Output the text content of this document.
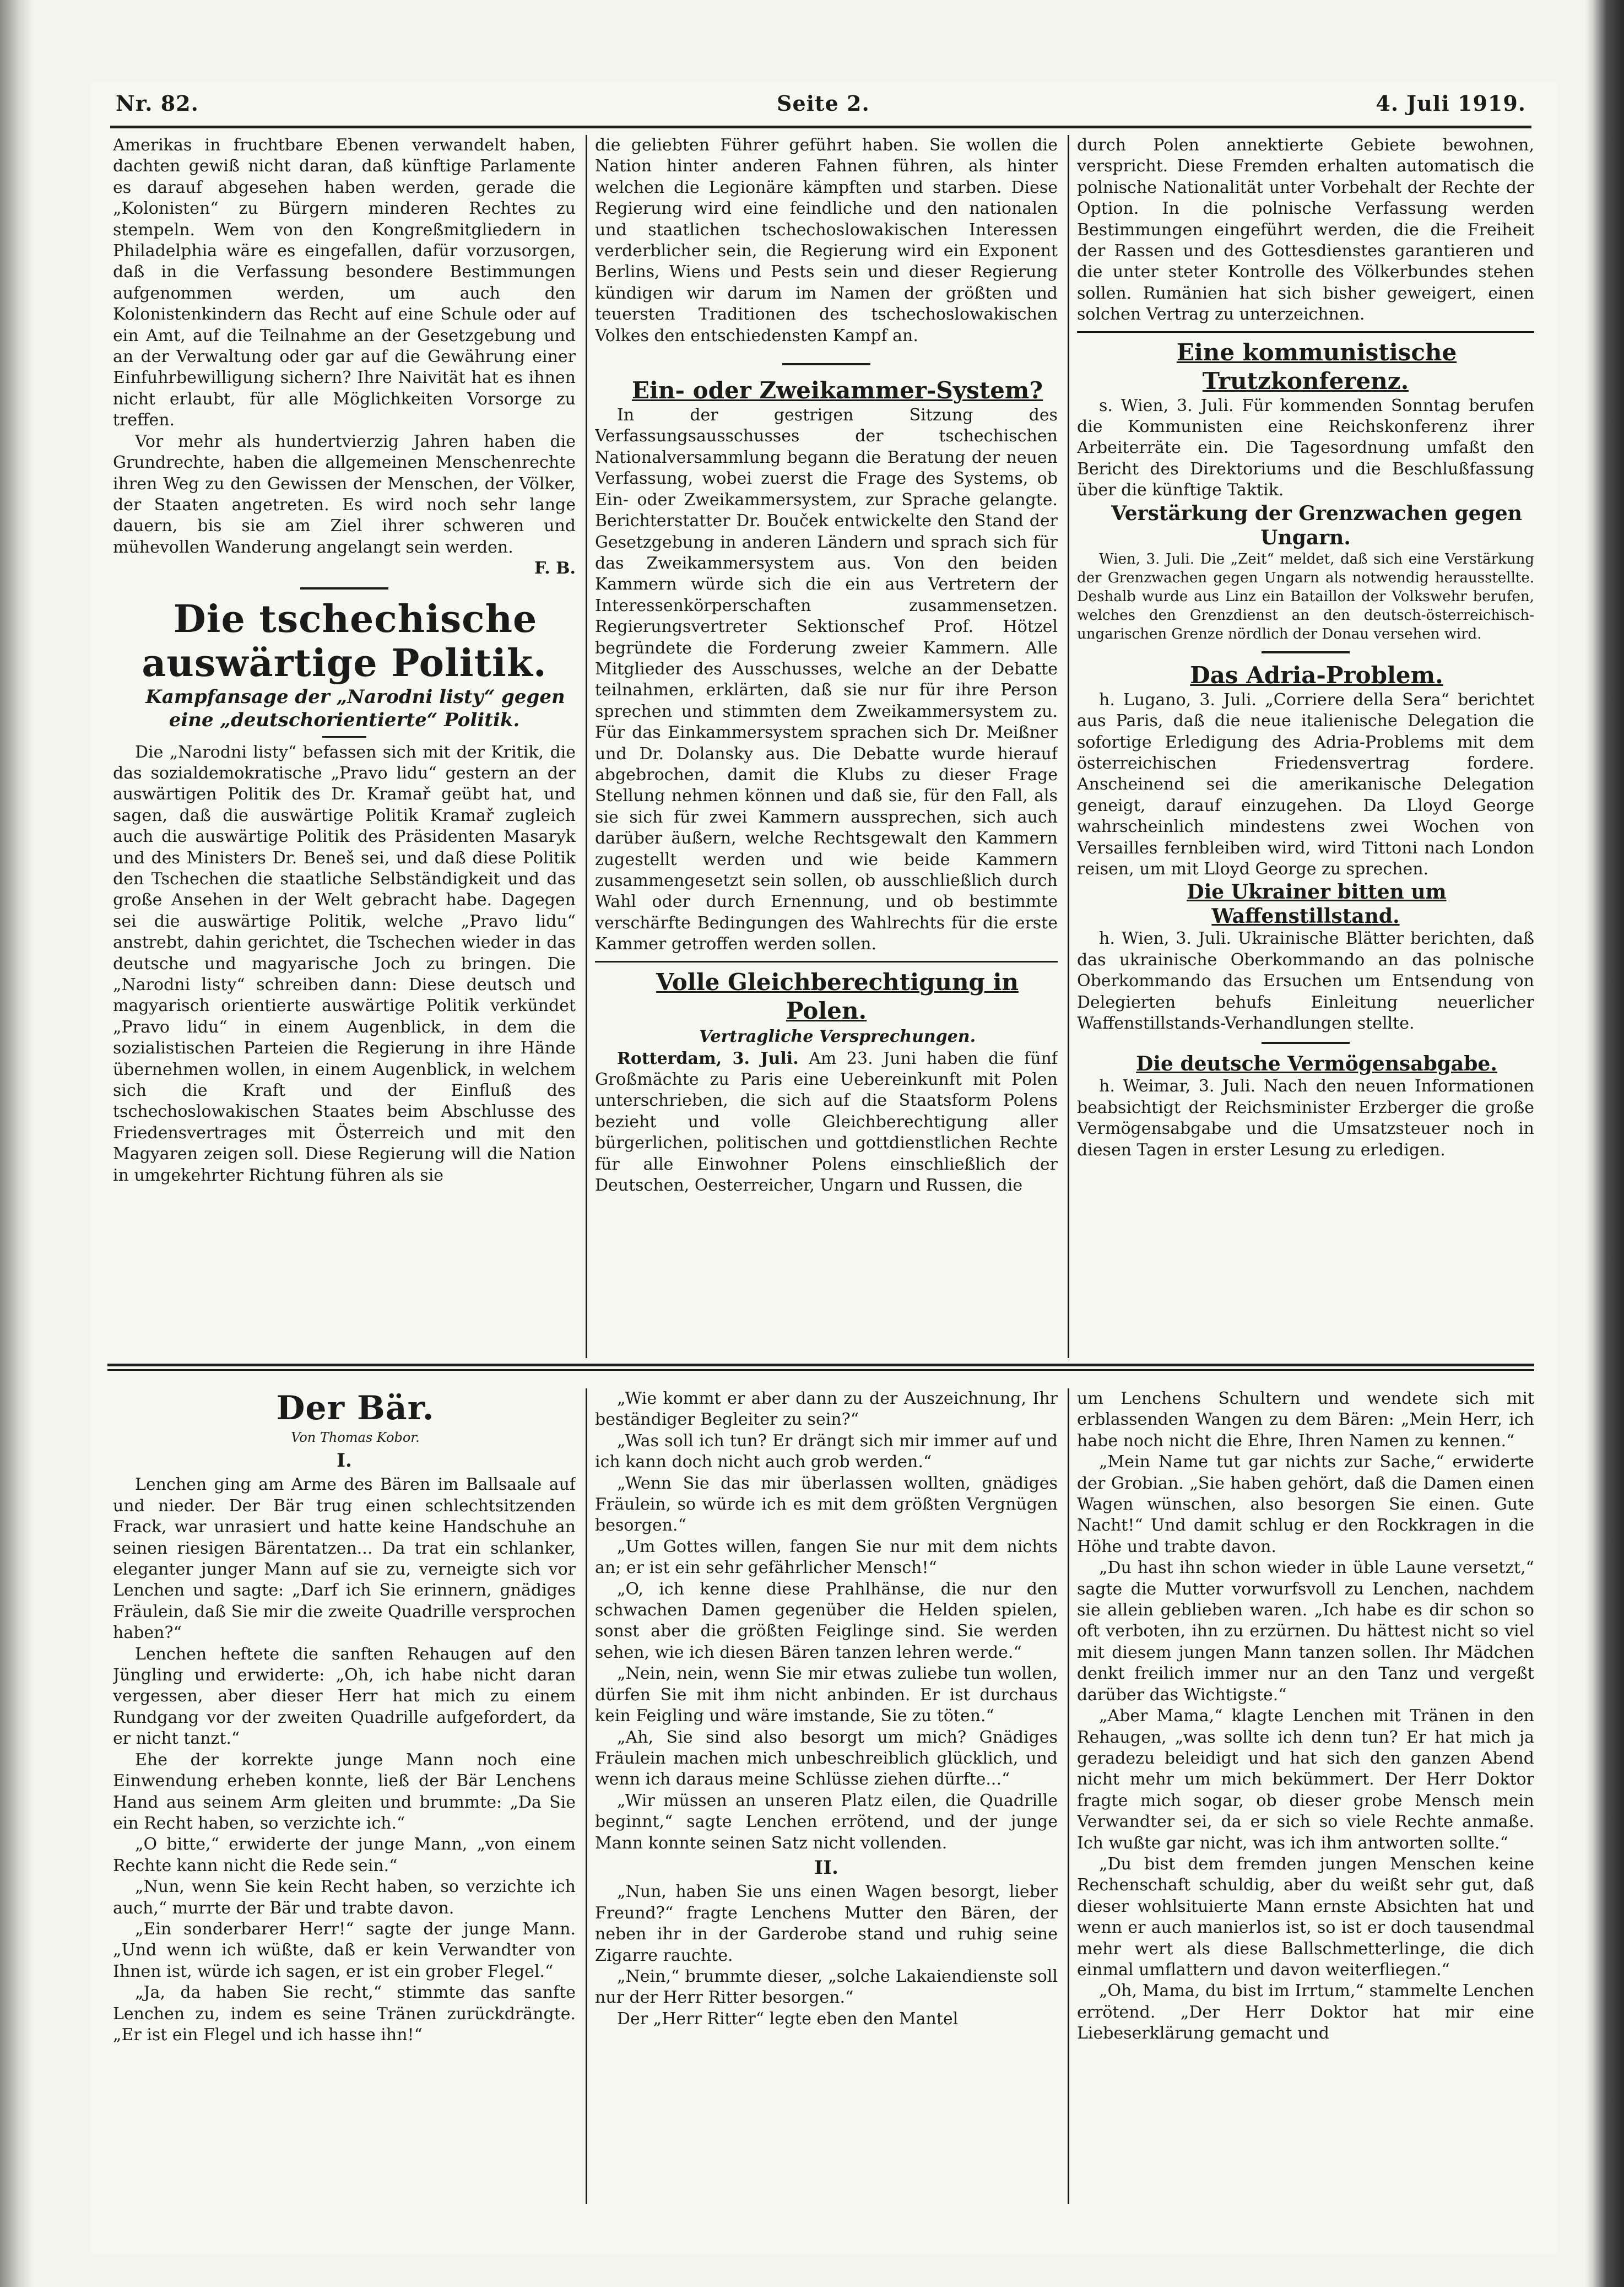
Nr. 82.	Seite 2.	4. Juli 1919.

Amerikas in fruchtbare Ebenen verwandelt haben, dachten gewiß nicht daran, daß künftige Parlamente es darauf abgesehen haben werden, gerade die „Kolonisten“ zu Bürgern minderen Rechtes zu stempeln. Wem von den Kongreßmitgliedern in Philadelphia wäre es eingefallen, dafür vorzusorgen, daß in die Verfassung besondere Bestimmungen aufgenommen werden, um auch den Kolonistenkindern das Recht auf eine Schule oder auf ein Amt, auf die Teilnahme an der Gesetzgebung und an der Verwaltung oder gar auf die Gewährung einer Einfuhrbewilligung sichern? Ihre Naivität hat es ihnen nicht erlaubt, für alle Möglichkeiten Vorsorge zu treffen.

Vor mehr als hundertvierzig Jahren haben die Grundrechte, haben die allgemeinen Menschenrechte ihren Weg zu den Gewissen der Menschen, der Völker, der Staaten angetreten. Es wird noch sehr lange dauern, bis sie am Ziel ihrer schweren und mühevollen Wanderung angelangt sein werden.

F. B.

Die tschechische auswärtige Politik.

Kampfansage der „Narodni listy“ gegen eine „deutschorientierte“ Politik.

Die „Narodni listy“ befassen sich mit der Kritik, die das sozialdemokratische „Pravo lidu“ gestern an der auswärtigen Politik des Dr. Kramař geübt hat, und sagen, daß die auswärtige Politik Kramař zugleich auch die auswärtige Politik des Präsidenten Masaryk und des Ministers Dr. Beneš sei, und daß diese Politik den Tschechen die staatliche Selbständigkeit und das große Ansehen in der Welt gebracht habe. Dagegen sei die auswärtige Politik, welche „Pravo lidu“ anstrebt, dahin gerichtet, die Tschechen wieder in das deutsche und magyarische Joch zu bringen. Die „Narodni listy“ schreiben dann: Diese deutsch und magyarisch orientierte auswärtige Politik verkündet „Pravo lidu“ in einem Augenblick, in dem die sozialistischen Parteien die Regierung in ihre Hände übernehmen wollen, in einem Augenblick, in welchem sich die Kraft und der Einfluß des tschechoslowakischen Staates beim Abschlusse des Friedensvertrages mit Österreich und mit den Magyaren zeigen soll. Diese Regierung will die Nation in umgekehrter Richtung führen als sie

die geliebten Führer geführt haben. Sie wollen die Nation hinter anderen Fahnen führen, als hinter welchen die Legionäre kämpften und starben. Diese Regierung wird eine feindliche und den nationalen und staatlichen tschechoslowakischen Interessen verderblicher sein, die Regierung wird ein Exponent Berlins, Wiens und Pests sein und dieser Regierung kündigen wir darum im Namen der größten und teuersten Traditionen des tschechoslowakischen Volkes den entschiedensten Kampf an.

Ein- oder Zweikammer-System?

In der gestrigen Sitzung des Verfassungsausschusses der tschechischen Nationalversammlung begann die Beratung der neuen Verfassung, wobei zuerst die Frage des Systems, ob Ein- oder Zweikammersystem, zur Sprache gelangte. Berichterstatter Dr. Bouček entwickelte den Stand der Gesetzgebung in anderen Ländern und sprach sich für das Zweikammersystem aus. Von den beiden Kammern würde sich die ein aus Vertretern der Interessenkörperschaften zusammensetzen. Regierungsvertreter Sektionschef Prof. Hötzel begründete die Forderung zweier Kammern. Alle Mitglieder des Ausschusses, welche an der Debatte teilnahmen, erklärten, daß sie nur für ihre Person sprechen und stimmten dem Zweikammersystem zu. Für das Einkammersystem sprachen sich Dr. Meißner und Dr. Dolansky aus. Die Debatte wurde hierauf abgebrochen, damit die Klubs zu dieser Frage Stellung nehmen können und daß sie, für den Fall, als sie sich für zwei Kammern aussprechen, sich auch darüber äußern, welche Rechtsgewalt den Kammern zugestellt werden und wie beide Kammern zusammengesetzt sein sollen, ob ausschließlich durch Wahl oder durch Ernennung, und ob bestimmte verschärfte Bedingungen des Wahlrechts für die erste Kammer getroffen werden sollen.

Volle Gleichberechtigung in Polen.

Vertragliche Versprechungen.

Rotterdam, 3. Juli. Am 23. Juni haben die fünf Großmächte zu Paris eine Uebereinkunft mit Polen unterschrieben, die sich auf die Staatsform Polens bezieht und volle Gleichberechtigung aller bürgerlichen, politischen und gottdienstlichen Rechte für alle Einwohner Polens einschließlich der Deutschen, Oesterreicher, Ungarn und Russen, die

durch Polen annektierte Gebiete bewohnen, verspricht. Diese Fremden erhalten automatisch die polnische Nationalität unter Vorbehalt der Rechte der Option. In die polnische Verfassung werden Bestimmungen eingeführt werden, die die Freiheit der Rassen und des Gottesdienstes garantieren und die unter steter Kontrolle des Völkerbundes stehen sollen. Rumänien hat sich bisher geweigert, einen solchen Vertrag zu unterzeichnen.

Eine kommunistische Trutzkonferenz.

s. Wien, 3. Juli. Für kommenden Sonntag berufen die Kommunisten eine Reichskonferenz ihrer Arbeiterräte ein. Die Tagesordnung umfaßt den Bericht des Direktoriums und die Beschlußfassung über die künftige Taktik.

Verstärkung der Grenzwachen gegen Ungarn.

Wien, 3. Juli. Die „Zeit“ meldet, daß sich eine Verstärkung der Grenzwachen gegen Ungarn als notwendig herausstellte. Deshalb wurde aus Linz ein Bataillon der Volkswehr berufen, welches den Grenzdienst an den deutsch-österreichisch-ungarischen Grenze nördlich der Donau versehen wird.

Das Adria-Problem.

h. Lugano, 3. Juli. „Corriere della Sera“ berichtet aus Paris, daß die neue italienische Delegation die sofortige Erledigung des Adria-Problems mit dem österreichischen Friedensvertrag fordere. Anscheinend sei die amerikanische Delegation geneigt, darauf einzugehen. Da Lloyd George wahrscheinlich mindestens zwei Wochen von Versailles fernbleiben wird, wird Tittoni nach London reisen, um mit Lloyd George zu sprechen.

Die Ukrainer bitten um Waffenstillstand.

h. Wien, 3. Juli. Ukrainische Blätter berichten, daß das ukrainische Oberkommando an das polnische Oberkommando das Ersuchen um Entsendung von Delegierten behufs Einleitung neuerlicher Waffenstillstands-Verhandlungen stellte.

Die deutsche Vermögensabgabe.

h. Weimar, 3. Juli. Nach den neuen Informationen beabsichtigt der Reichsminister Erzberger die große Vermögensabgabe und die Umsatzsteuer noch in diesen Tagen in erster Lesung zu erledigen.

Der Bär.

Von Thomas Kobor.

I.

Lenchen ging am Arme des Bären im Ballsaale auf und nieder. Der Bär trug einen schlechtsitzenden Frack, war unrasiert und hatte keine Handschuhe an seinen riesigen Bärentatzen... Da trat ein schlanker, eleganter junger Mann auf sie zu, verneigte sich vor Lenchen und sagte: „Darf ich Sie erinnern, gnädiges Fräulein, daß Sie mir die zweite Quadrille versprochen haben?“

Lenchen heftete die sanften Rehaugen auf den Jüngling und erwiderte: „Oh, ich habe nicht daran vergessen, aber dieser Herr hat mich zu einem Rundgang vor der zweiten Quadrille aufgefordert, da er nicht tanzt.“

Ehe der korrekte junge Mann noch eine Einwendung erheben konnte, ließ der Bär Lenchens Hand aus seinem Arm gleiten und brummte: „Da Sie ein Recht haben, so verzichte ich.“

„O bitte,“ erwiderte der junge Mann, „von einem Rechte kann nicht die Rede sein.“

„Nun, wenn Sie kein Recht haben, so verzichte ich auch,“ murrte der Bär und trabte davon.

„Ein sonderbarer Herr!“ sagte der junge Mann. „Und wenn ich wüßte, daß er kein Verwandter von Ihnen ist, würde ich sagen, er ist ein grober Flegel.“

„Ja, da haben Sie recht,“ stimmte das sanfte Lenchen zu, indem es seine Tränen zurückdrängte. „Er ist ein Flegel und ich hasse ihn!“

„Wie kommt er aber dann zu der Auszeichnung, Ihr beständiger Begleiter zu sein?“

„Was soll ich tun? Er drängt sich mir immer auf und ich kann doch nicht auch grob werden.“

„Wenn Sie das mir überlassen wollten, gnädiges Fräulein, so würde ich es mit dem größten Vergnügen besorgen.“

„Um Gottes willen, fangen Sie nur mit dem nichts an; er ist ein sehr gefährlicher Mensch!“

„O, ich kenne diese Prahlhänse, die nur den schwachen Damen gegenüber die Helden spielen, sonst aber die größten Feiglinge sind. Sie werden sehen, wie ich diesen Bären tanzen lehren werde.“

„Nein, nein, wenn Sie mir etwas zuliebe tun wollen, dürfen Sie mit ihm nicht anbinden. Er ist durchaus kein Feigling und wäre imstande, Sie zu töten.“

„Ah, Sie sind also besorgt um mich? Gnädiges Fräulein machen mich unbeschreiblich glücklich, und wenn ich daraus meine Schlüsse ziehen dürfte...“

„Wir müssen an unseren Platz eilen, die Quadrille beginnt,“ sagte Lenchen errötend, und der junge Mann konnte seinen Satz nicht vollenden.

II.

„Nun, haben Sie uns einen Wagen besorgt, lieber Freund?“ fragte Lenchens Mutter den Bären, der neben ihr in der Garderobe stand und ruhig seine Zigarre rauchte.

„Nein,“ brummte dieser, „solche Lakaiendienste soll nur der Herr Ritter besorgen.“

Der „Herr Ritter“ legte eben den Mantel

um Lenchens Schultern und wendete sich mit erblassenden Wangen zu dem Bären: „Mein Herr, ich habe noch nicht die Ehre, Ihren Namen zu kennen.“

„Mein Name tut gar nichts zur Sache,“ erwiderte der Grobian. „Sie haben gehört, daß die Damen einen Wagen wünschen, also besorgen Sie einen. Gute Nacht!“ Und damit schlug er den Rockkragen in die Höhe und trabte davon.

„Du hast ihn schon wieder in üble Laune versetzt,“ sagte die Mutter vorwurfsvoll zu Lenchen, nachdem sie allein geblieben waren. „Ich habe es dir schon so oft verboten, ihn zu erzürnen. Du hättest nicht so viel mit diesem jungen Mann tanzen sollen. Ihr Mädchen denkt freilich immer nur an den Tanz und vergeßt darüber das Wichtigste.“

„Aber Mama,“ klagte Lenchen mit Tränen in den Rehaugen, „was sollte ich denn tun? Er hat mich ja geradezu beleidigt und hat sich den ganzen Abend nicht mehr um mich bekümmert. Der Herr Doktor fragte mich sogar, ob dieser grobe Mensch mein Verwandter sei, da er sich so viele Rechte anmaße. Ich wußte gar nicht, was ich ihm antworten sollte.“

„Du bist dem fremden jungen Menschen keine Rechenschaft schuldig, aber du weißt sehr gut, daß dieser wohlsituierte Mann ernste Absichten hat und wenn er auch manierlos ist, so ist er doch tausendmal mehr wert als diese Ballschmetterlinge, die dich einmal umflattern und davon weiterfliegen.“

„Oh, Mama, du bist im Irrtum,“ stammelte Lenchen errötend. „Der Herr Doktor hat mir eine Liebeserklärung gemacht und
